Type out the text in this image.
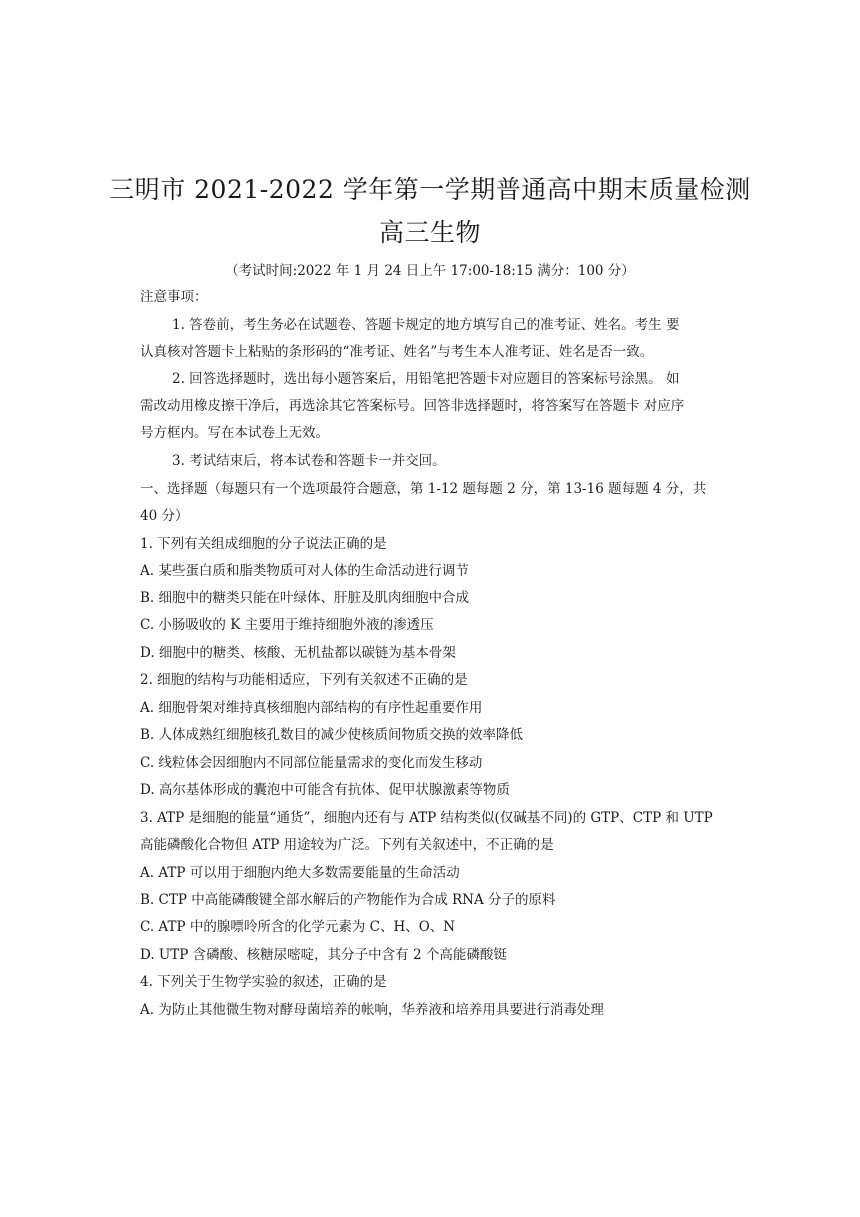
三明市 2021-2022 学年第一学期普通高中期末质量检测
高三生物
（考试时间:2022 年 1 月 24 日上午 17:00-18:15 满分：100 分）
注意事项：
1. 答卷前，考生务必在试题卷、答题卡规定的地方填写自己的准考证、姓名。考生 要
认真核对答题卡上粘贴的条形码的“准考证、姓名”与考生本人准考证、姓名是否一致。
2. 回答选择题时，选出每小题答案后，用铅笔把答题卡对应题目的答案标号涂黑。 如
需改动用橡皮擦干净后，再选涂其它答案标号。回答非选择题时，将答案写在答题卡 对应序
号方框内。写在本试卷上无效。
3. 考试结束后，将本试卷和答题卡一并交回。
一、选择题（每题只有一个选项最符合题意，第 1-12 题每题 2 分，第 13-16 题每题 4 分，共
40 分）
1. 下列有关组成细胞的分子说法正确的是
A. 某些蛋白质和脂类物质可对人体的生命活动进行调节
B. 细胞中的糖类只能在叶绿体、肝脏及肌肉细胞中合成
C. 小肠吸收的 K 主要用于维持细胞外液的渗透压
D. 细胞中的糖类、核酸、无机盐都以碳链为基本骨架
2. 细胞的结构与功能相适应，下列有关叙述不正确的是
A. 细胞骨架对维持真核细胞内部结构的有序性起重要作用
B. 人体成熟红细胞核孔数目的减少使核质间物质交换的效率降低
C. 线粒体会因细胞内不同部位能量需求的变化而发生移动
D. 高尔基体形成的囊泡中可能含有抗体、促甲状腺激素等物质
3. ATP 是细胞的能量“通货”，细胞内还有与 ATP 结构类似(仅碱基不同)的 GTP、CTP 和 UTP
高能磷酸化合物但 ATP 用途较为广泛。下列有关叙述中，不正确的是
A. ATP 可以用于细胞内绝大多数需要能量的生命活动
B. CTP 中高能磷酸键全部水解后的产物能作为合成 RNA 分子的原料
C. ATP 中的腺嘌呤所含的化学元素为 C、H、O、N
D. UTP 含磷酸、核糖尿嘧啶，其分子中含有 2 个高能磷酸铤
4. 下列关于生物学实验的叙述，正确的是
A. 为防止其他微生物对酵母菌培养的帐响，华养液和培养用具要进行消毒处理
